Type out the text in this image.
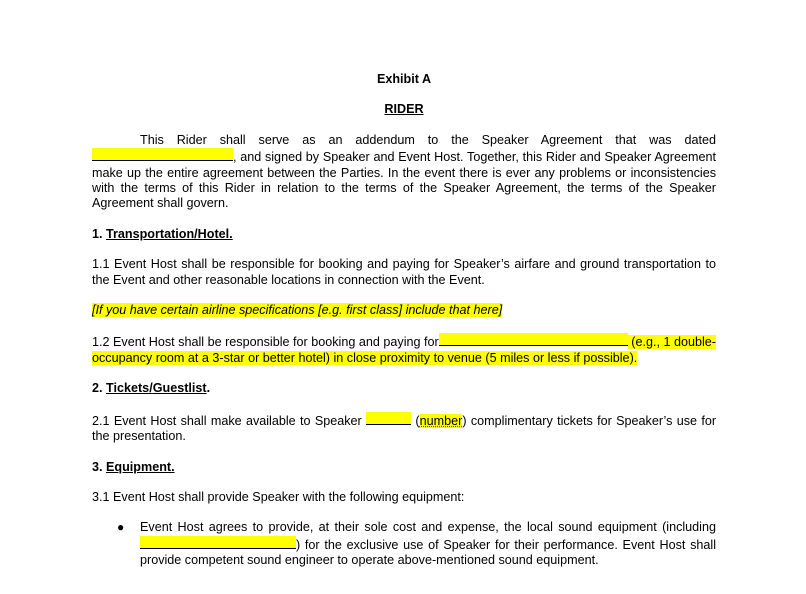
Exhibit A
RIDER
This Rider shall serve as an addendum to the Speaker Agreement that was dated , and signed by Speaker and Event Host. Together, this Rider and Speaker Agreement make up the entire agreement between the Parties. In the event there is ever any problems or inconsistencies with the terms of this Rider in relation to the terms of the Speaker Agreement, the terms of the Speaker Agreement shall govern.
1. Transportation/Hotel.
1.1 Event Host shall be responsible for booking and paying for Speaker’s airfare and ground transportation to the Event and other reasonable locations in connection with the Event.
[If you have certain airline specifications [e.g. first class] include that here]
1.2 Event Host shall be responsible for booking and paying for	(e.g., 1 double-occupancy room at a 3-star or better hotel) in close proximity to venue (5 miles or less if possible).
2. Tickets/Guestlist.
2.1 Event Host shall make available to Speaker	(number) complimentary tickets for Speaker’s use for the presentation.
3. Equipment.
3.1 Event Host shall provide Speaker with the following equipment:
● Event Host agrees to provide, at their sole cost and expense, the local sound equipment (including ) for the exclusive use of Speaker for their performance. Event Host shall provide competent sound engineer to operate above-mentioned sound equipment.
